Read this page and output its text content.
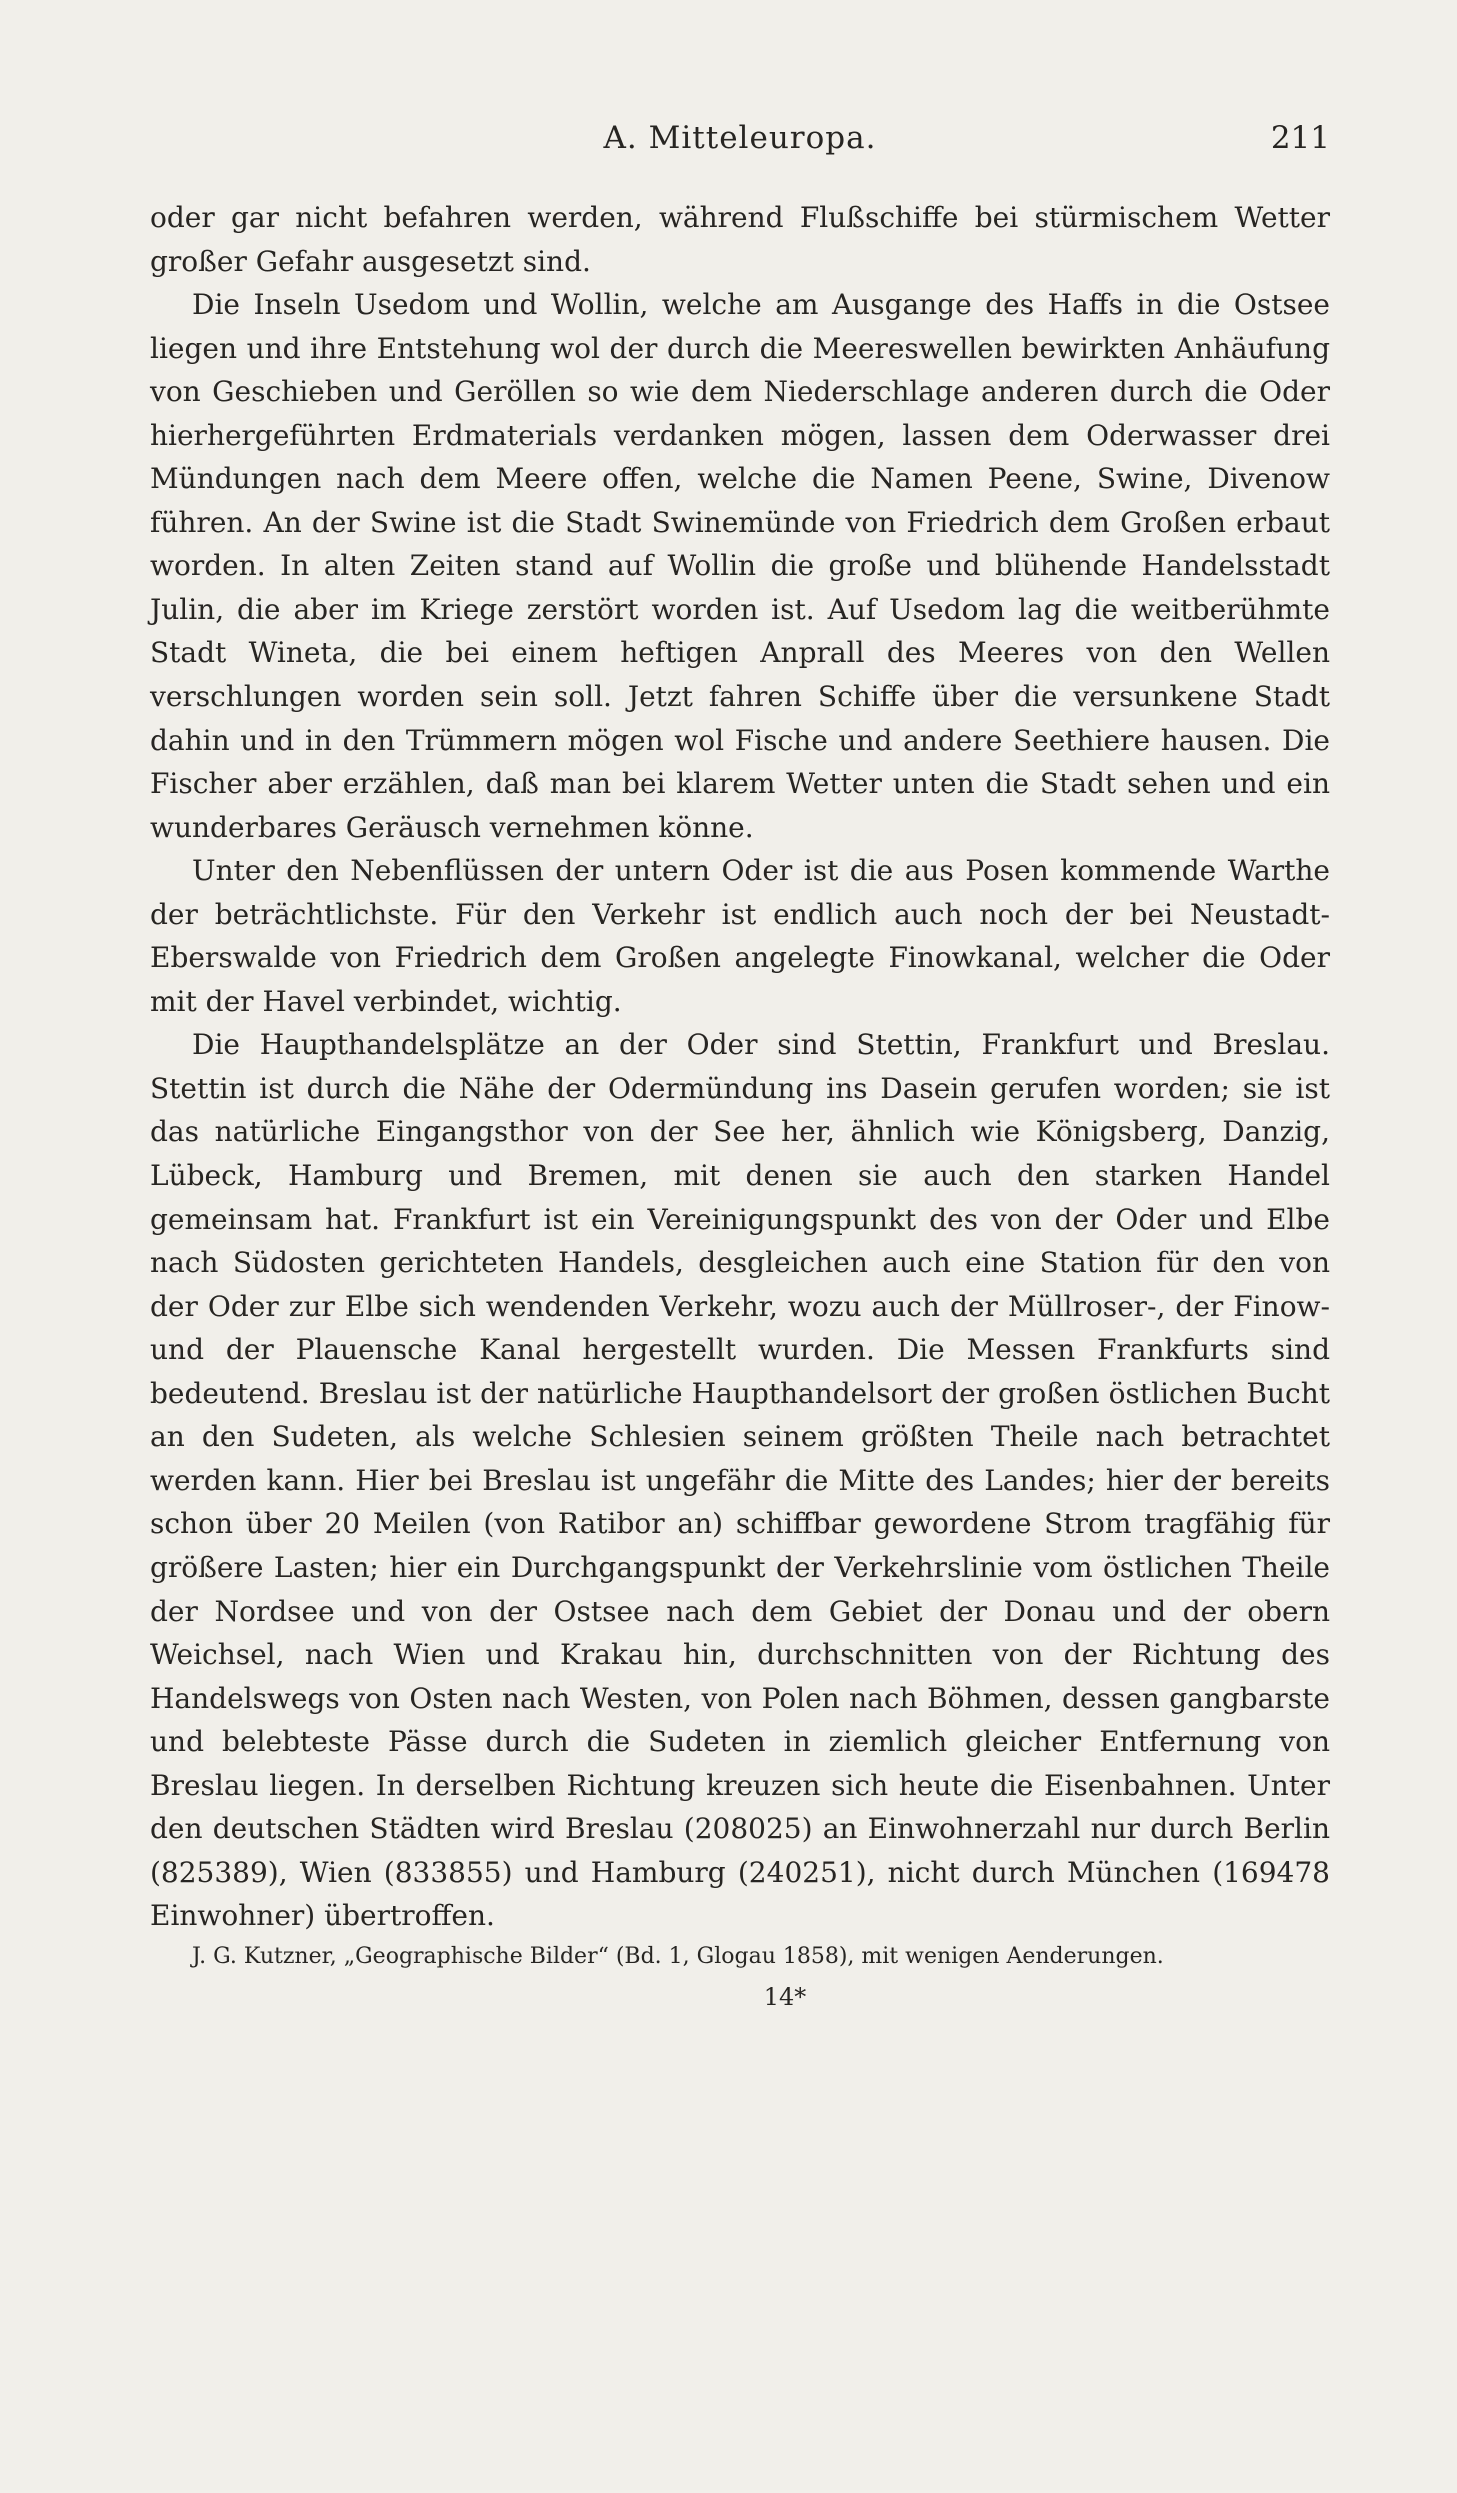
A. Mitteleuropa.	211

oder gar nicht befahren werden, während Flußschiffe bei stürmischem Wetter großer Gefahr ausgesetzt sind.

Die Inseln Usedom und Wollin, welche am Ausgange des Haffs in die Ostsee liegen und ihre Entstehung wol der durch die Meereswellen bewirkten Anhäufung von Geschieben und Geröllen so wie dem Niederschlage anderen durch die Oder hierhergeführten Erdmaterials verdanken mögen, lassen dem Oderwasser drei Mündungen nach dem Meere offen, welche die Namen Peene, Swine, Divenow führen. An der Swine ist die Stadt Swinemünde von Friedrich dem Großen erbaut worden. In alten Zeiten stand auf Wollin die große und blühende Handelsstadt Julin, die aber im Kriege zerstört worden ist. Auf Usedom lag die weitberühmte Stadt Wineta, die bei einem heftigen Anprall des Meeres von den Wellen verschlungen worden sein soll. Jetzt fahren Schiffe über die versunkene Stadt dahin und in den Trümmern mögen wol Fische und andere Seethiere hausen. Die Fischer aber erzählen, daß man bei klarem Wetter unten die Stadt sehen und ein wunderbares Geräusch vernehmen könne.

Unter den Nebenflüssen der untern Oder ist die aus Posen kommende Warthe der beträchtlichste. Für den Verkehr ist endlich auch noch der bei Neustadt-Eberswalde von Friedrich dem Großen angelegte Finowkanal, welcher die Oder mit der Havel verbindet, wichtig.

Die Haupthandelsplätze an der Oder sind Stettin, Frankfurt und Breslau. Stettin ist durch die Nähe der Odermündung ins Dasein gerufen worden; sie ist das natürliche Eingangsthor von der See her, ähnlich wie Königsberg, Danzig, Lübeck, Hamburg und Bremen, mit denen sie auch den starken Handel gemeinsam hat. Frankfurt ist ein Vereinigungspunkt des von der Oder und Elbe nach Südosten gerichteten Handels, desgleichen auch eine Station für den von der Oder zur Elbe sich wendenden Verkehr, wozu auch der Müllroser-, der Finow- und der Plauensche Kanal hergestellt wurden. Die Messen Frankfurts sind bedeutend. Breslau ist der natürliche Haupthandelsort der großen östlichen Bucht an den Sudeten, als welche Schlesien seinem größten Theile nach betrachtet werden kann. Hier bei Breslau ist ungefähr die Mitte des Landes; hier der bereits schon über 20 Meilen (von Ratibor an) schiffbar gewordene Strom tragfähig für größere Lasten; hier ein Durchgangspunkt der Verkehrslinie vom östlichen Theile der Nordsee und von der Ostsee nach dem Gebiet der Donau und der obern Weichsel, nach Wien und Krakau hin, durchschnitten von der Richtung des Handelswegs von Osten nach Westen, von Polen nach Böhmen, dessen gangbarste und belebteste Pässe durch die Sudeten in ziemlich gleicher Entfernung von Breslau liegen. In derselben Richtung kreuzen sich heute die Eisenbahnen. Unter den deutschen Städten wird Breslau (208025) an Einwohnerzahl nur durch Berlin (825389), Wien (833855) und Hamburg (240251), nicht durch München (169478 Einwohner) übertroffen.

J. G. Kutzner, „Geographische Bilder“ (Bd. 1, Glogau 1858), mit wenigen Aenderungen.

14*
